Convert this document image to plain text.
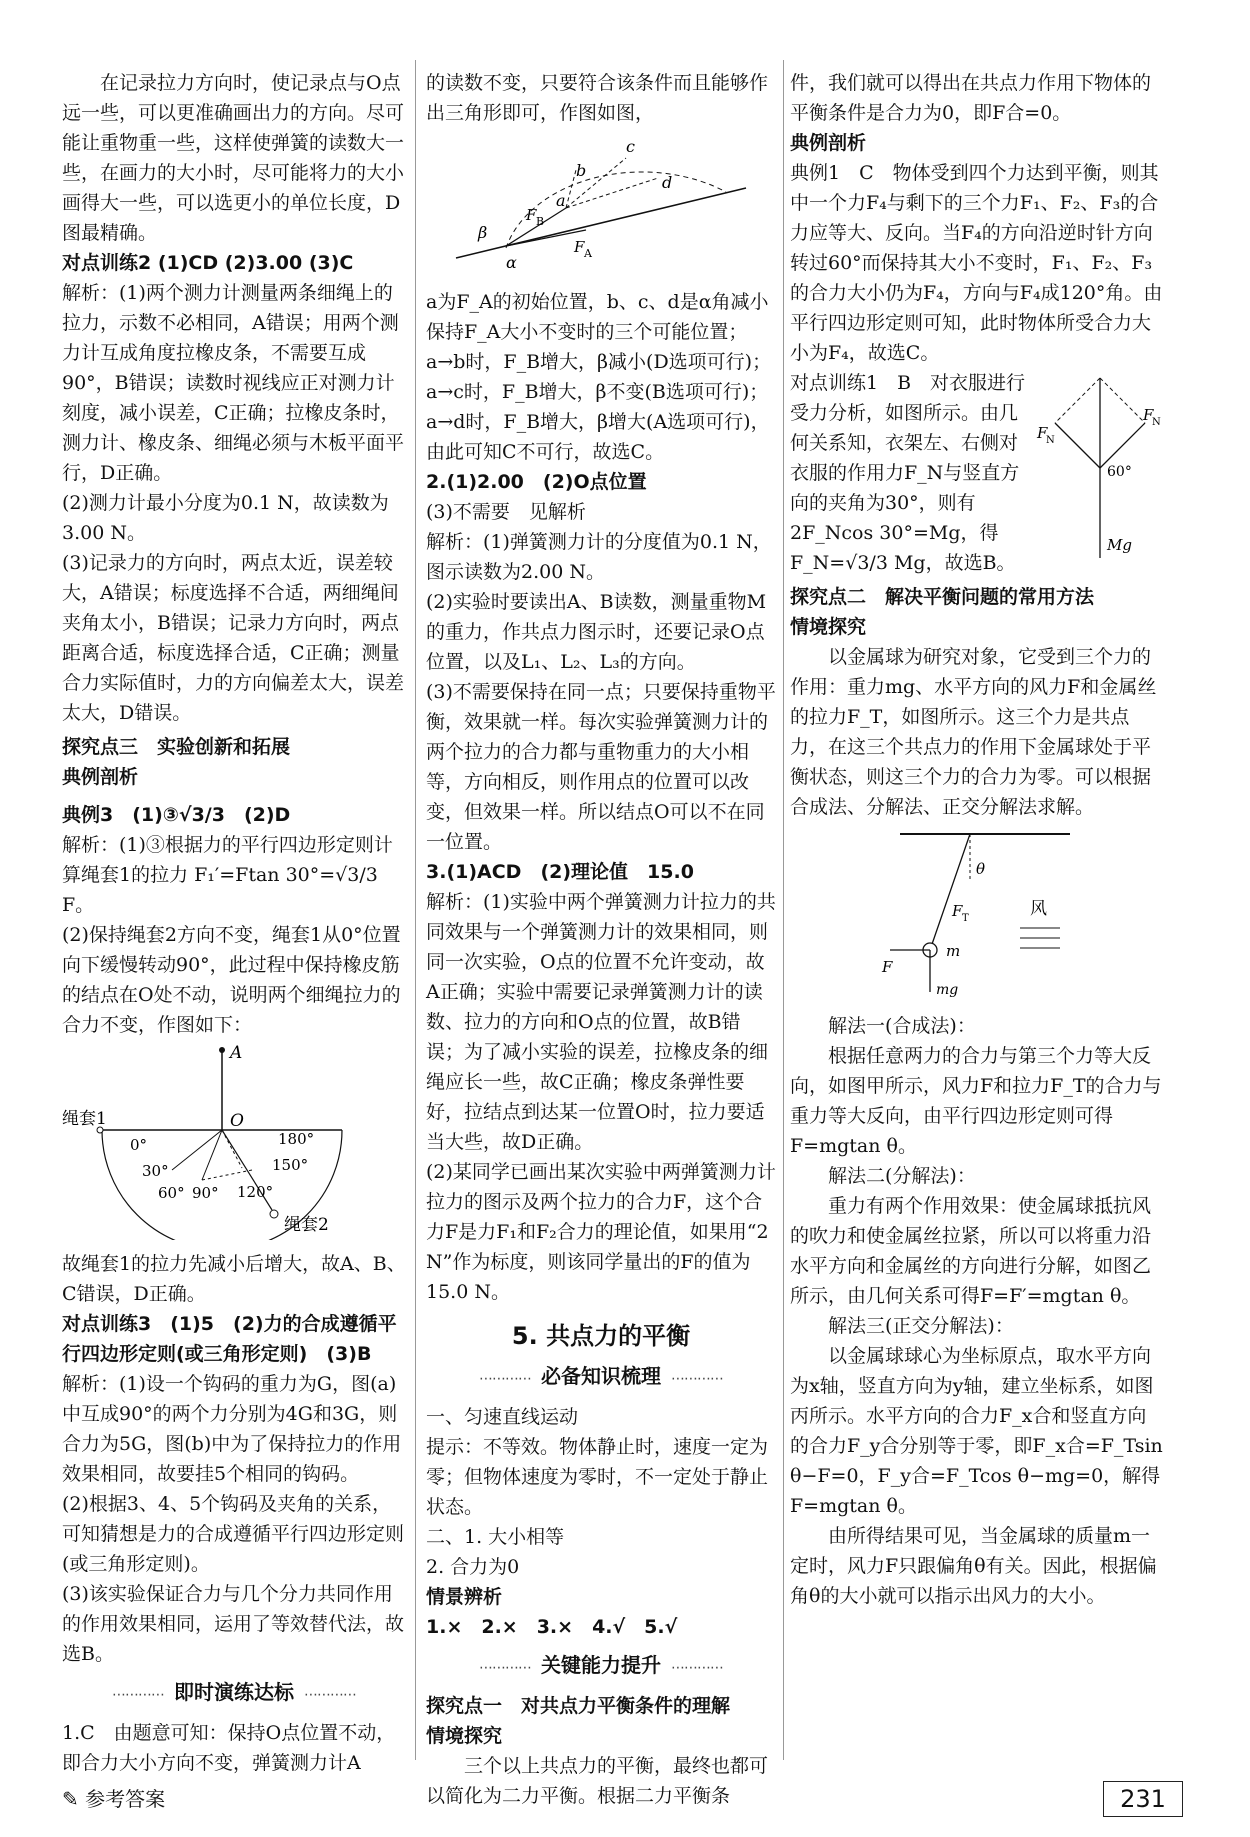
在记录拉力方向时，使记录点与O点远一些，可以更准确画出力的方向。尽可能让重物重一些，这样使弹簧的读数大一些，在画力的大小时，尽可能将力的大小画得大一些，可以选更小的单位长度，D图最精确。

对点训练2 (1)CD (2)3.00 (3)C

解析：(1)两个测力计测量两条细绳上的拉力，示数不必相同，A错误；用两个测力计互成角度拉橡皮条，不需要互成90°，B错误；读数时视线应正对测力计刻度，减小误差，C正确；拉橡皮条时，测力计、橡皮条、细绳必须与木板平面平行，D正确。

(2)测力计最小分度为0.1 N，故读数为3.00 N。

(3)记录力的方向时，两点太近，误差较大，A错误；标度选择不合适，两细绳间夹角太小，B错误；记录力方向时，两点距离合适，标度选择合适，C正确；测量合力实际值时，力的方向偏差太大，误差太大，D错误。

探究点三　实验创新和拓展

典例剖析

典例3　(1)③√3/3　(2)D

解析：(1)③根据力的平行四边形定则计算绳套1的拉力 F₁′=Ftan 30°=√3/3 F。

(2)保持绳套2方向不变，绳套1从0°位置向下缓慢转动90°，此过程中保持橡皮筋的结点在O处不动，说明两个细绳拉力的合力不变，作图如下：

A
绳套1	O
绳套2
0°
30°
60° 90° 120°
150°
180°

故绳套1的拉力先减小后增大，故A、B、C错误，D正确。

对点训练3　(1)5　(2)力的合成遵循平行四边形定则(或三角形定则)　(3)B

解析：(1)设一个钩码的重力为G，图(a)中互成90°的两个力分别为4G和3G，则合力为5G，图(b)中为了保持拉力的作用效果相同，故要挂5个相同的钩码。

(2)根据3、4、5个钩码及夹角的关系，可知猜想是力的合成遵循平行四边形定则(或三角形定则)。

(3)该实验保证合力与几个分力共同作用的作用效果相同，运用了等效替代法，故选B。

⋯⋯⋯⋯ 即时演练达标 ⋯⋯⋯⋯

1.C　由题意可知：保持O点位置不动，即合力大小方向不变，弹簧测力计A

的读数不变，只要符合该条件而且能够作出三角形即可，作图如图，

b
c
d
a
F B
F A
β
α

a为F_A的初始位置，b、c、d是α角减小保持F_A大小不变时的三个可能位置；a→b时，F_B增大，β减小(D选项可行)；a→c时，F_B增大，β不变(B选项可行)；a→d时，F_B增大，β增大(A选项可行)，由此可知C不可行，故选C。

2.(1)2.00　(2)O点位置

(3)不需要　见解析

解析：(1)弹簧测力计的分度值为0.1 N，图示读数为2.00 N。

(2)实验时要读出A、B读数，测量重物M的重力，作共点力图示时，还要记录O点位置，以及L₁、L₂、L₃的方向。

(3)不需要保持在同一点；只要保持重物平衡，效果就一样。每次实验弹簧测力计的两个拉力的合力都与重物重力的大小相等，方向相反，则作用点的位置可以改变，但效果一样。所以结点O可以不在同一位置。

3.(1)ACD　(2)理论值　15.0

解析：(1)实验中两个弹簧测力计拉力的共同效果与一个弹簧测力计的效果相同，则同一次实验，O点的位置不允许变动，故A正确；实验中需要记录弹簧测力计的读数、拉力的方向和O点的位置，故B错误；为了减小实验的误差，拉橡皮条的细绳应长一些，故C正确；橡皮条弹性要好，拉结点到达某一位置O时，拉力要适当大些，故D正确。

(2)某同学已画出某次实验中两弹簧测力计拉力的图示及两个拉力的合力F，这个合力F是力F₁和F₂合力的理论值，如果用“2 N”作为标度，则该同学量出的F的值为15.0 N。

5. 共点力的平衡

⋯⋯⋯⋯ 必备知识梳理 ⋯⋯⋯⋯

一、匀速直线运动

提示：不等效。物体静止时，速度一定为零；但物体速度为零时，不一定处于静止状态。

二、1. 大小相等

2. 合力为0

情景辨析

1.×　2.×　3.×　4.√　5.√

⋯⋯⋯⋯ 关键能力提升 ⋯⋯⋯⋯

探究点一　对共点力平衡条件的理解

情境探究

三个以上共点力的平衡，最终也都可以简化为二力平衡。根据二力平衡条

件，我们就可以得出在共点力作用下物体的平衡条件是合力为0，即F合=0。

典例剖析

典例1　C　物体受到四个力达到平衡，则其中一个力F₄与剩下的三个力F₁、F₂、F₃的合力应等大、反向。当F₄的方向沿逆时针方向转过60°而保持其大小不变时，F₁、F₂、F₃的合力大小仍为F₄，方向与F₄成120°角。由平行四边形定则可知，此时物体所受合力大小为F₄，故选C。

F
N
F
N
60°
Mg

对点训练1　B　对衣服进行受力分析，如图所示。由几何关系知，衣架左、右侧对衣服的作用力F_N与竖直方向的夹角为30°，则有2F_Ncos 30°=Mg，得F_N=√3/3 Mg，故选B。

探究点二　解决平衡问题的常用方法

情境探究

以金属球为研究对象，它受到三个力的作用：重力mg、水平方向的风力F和金属丝的拉力F_T，如图所示。这三个力是共点力，在这三个共点力的作用下金属球处于平衡状态，则这三个力的合力为零。可以根据合成法、分解法、正交分解法求解。

θ
F T
m
F
mg
风

解法一(合成法)：

根据任意两力的合力与第三个力等大反向，如图甲所示，风力F和拉力F_T的合力与重力等大反向，由平行四边形定则可得F=mgtan θ。

解法二(分解法)：

重力有两个作用效果：使金属球抵抗风的吹力和使金属丝拉紧，所以可以将重力沿水平方向和金属丝的方向进行分解，如图乙所示，由几何关系可得F=F′=mgtan θ。

解法三(正交分解法)：

以金属球球心为坐标原点，取水平方向为x轴，竖直方向为y轴，建立坐标系，如图丙所示。水平方向的合力F_x合和竖直方向的合力F_y合分别等于零，即F_x合=F_Tsin θ−F=0，F_y合=F_Tcos θ−mg=0，解得F=mgtan θ。

由所得结果可见，当金属球的质量m一定时，风力F只跟偏角θ有关。因此，根据偏角θ的大小就可以指示出风力的大小。

✎ 参考答案	231
